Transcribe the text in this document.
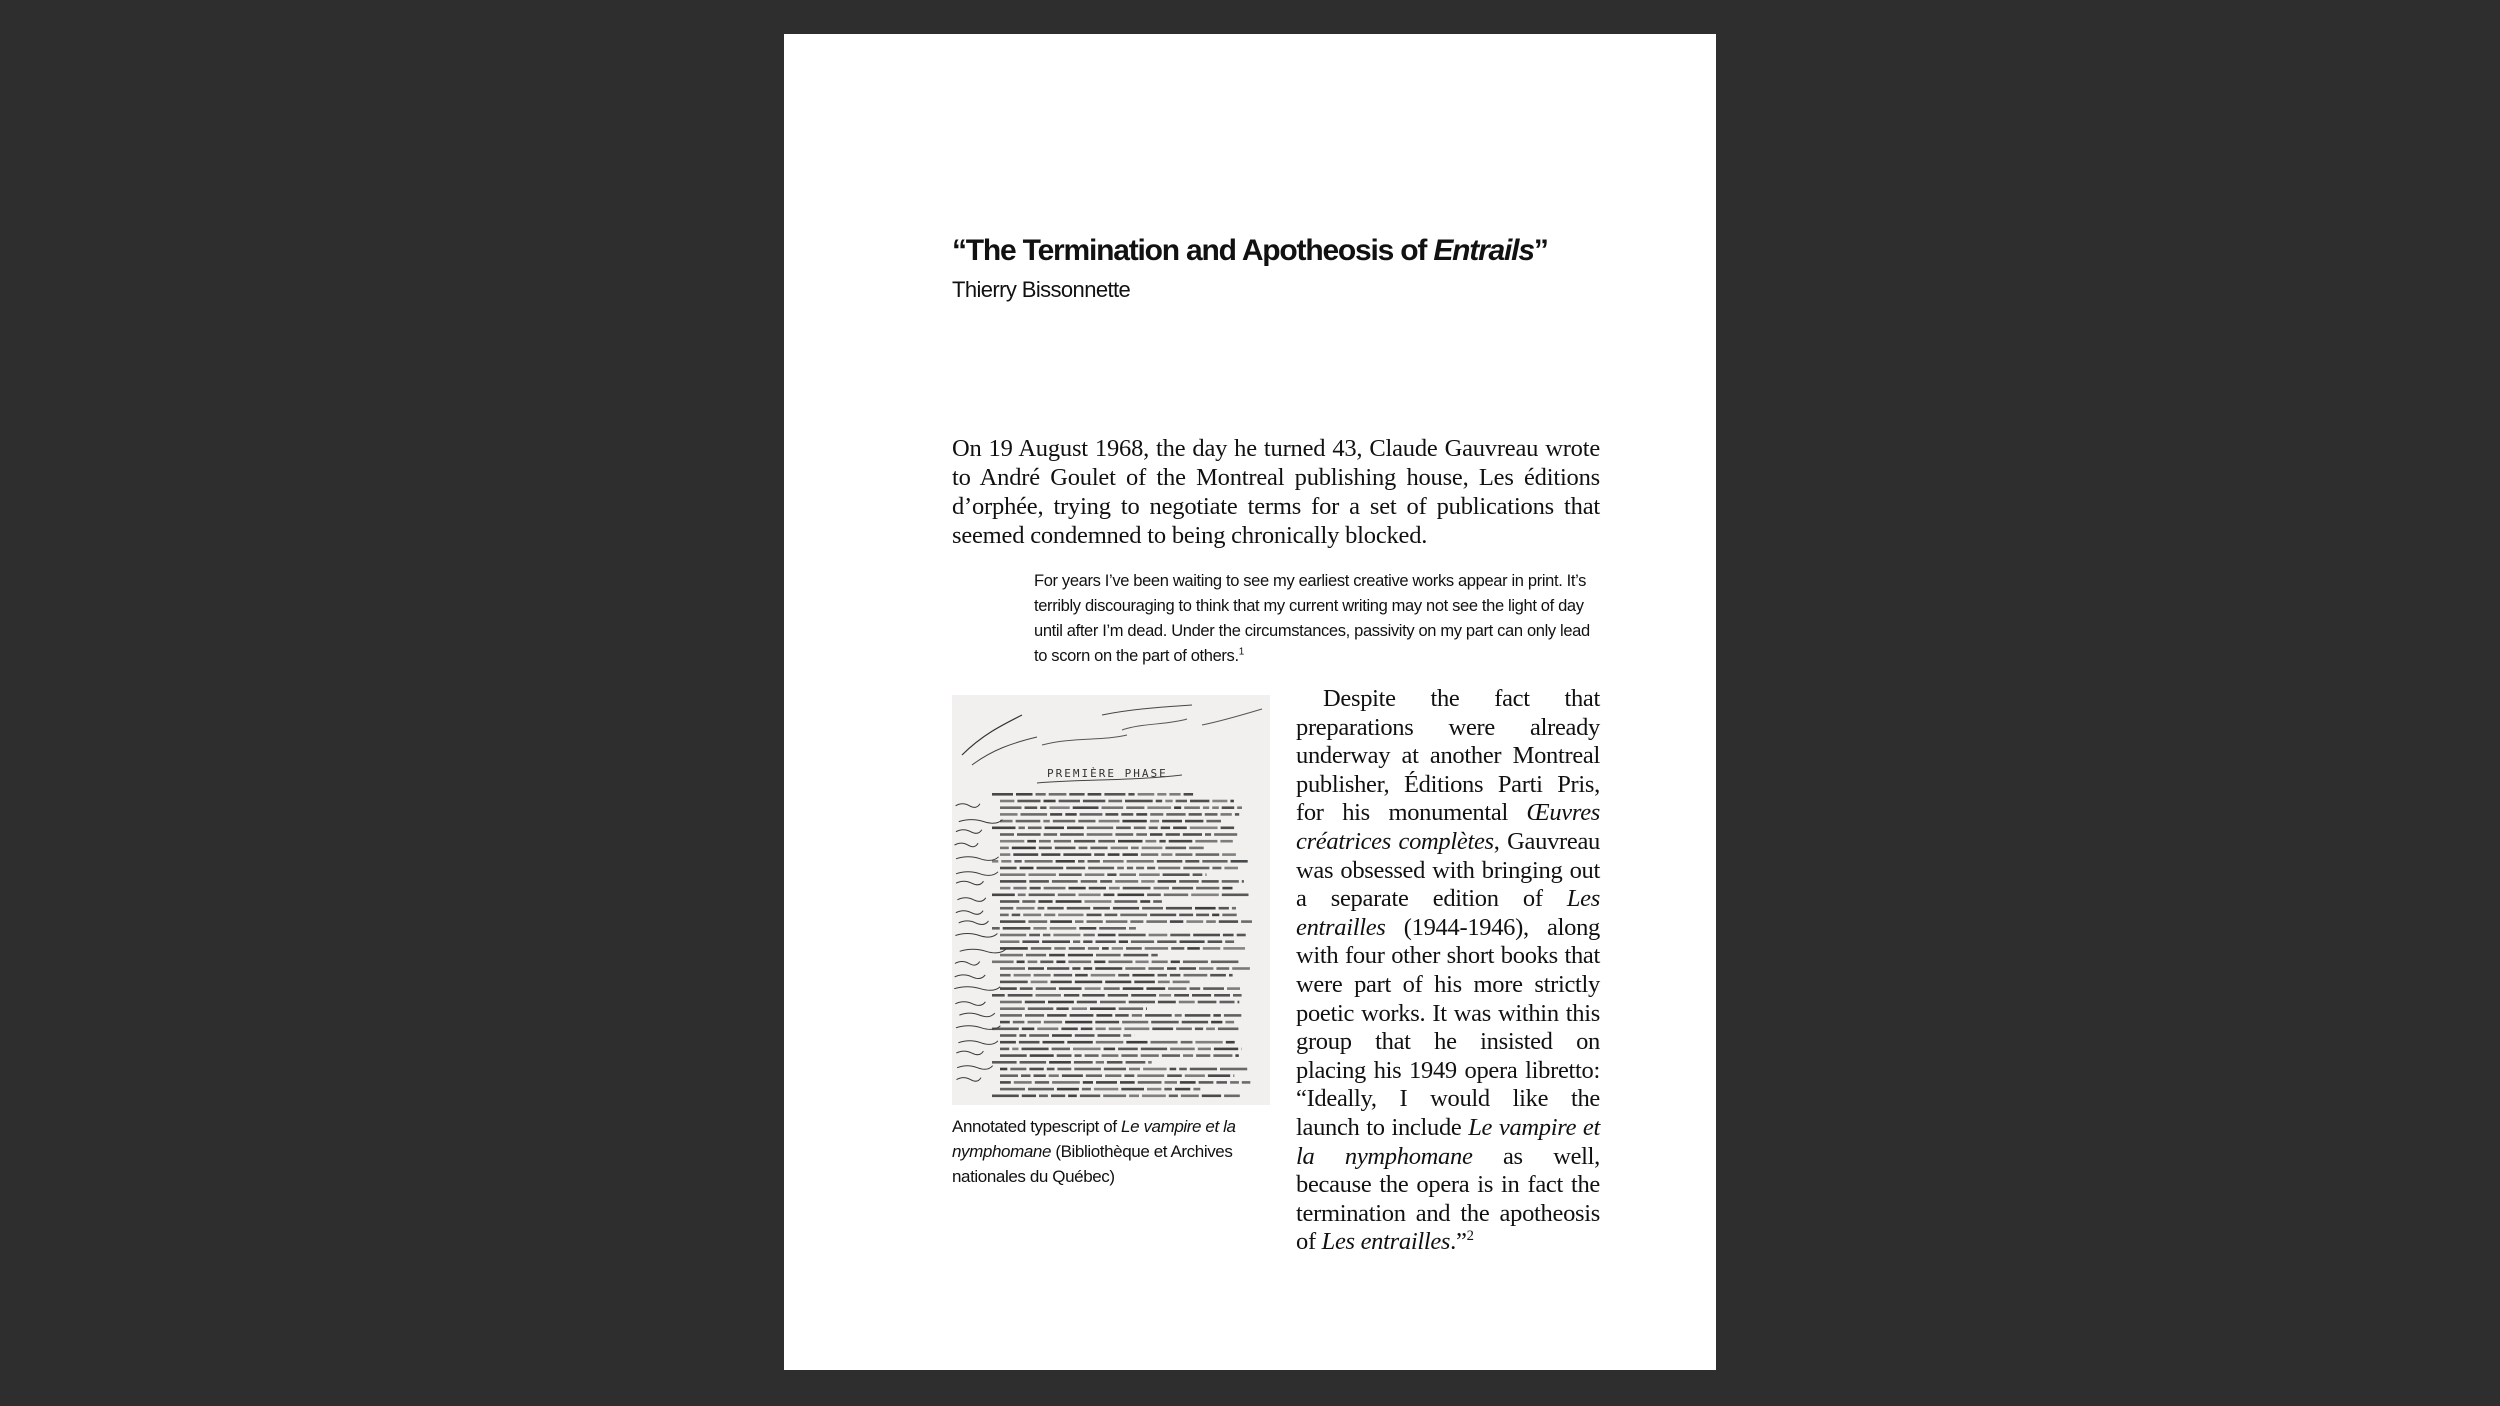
“The Termination and Apotheosis of Entrails”
Thierry Bissonnette

On 19 August 1968, the day he turned 43, Claude Gauvreau wrote to André Goulet of the Montreal publishing house, Les éditions d’orphée, trying to negotiate terms for a set of publications that seemed condemned to being chronically blocked.

For years I’ve been waiting to see my earliest creative works appear in print. It’s terribly discouraging to think that my current writing may not see the light of day until after I’m dead. Under the circumstances, passivity on my part can only lead to scorn on the part of others.$^1$

PREMIÈRE PHASE

Annotated typescript of Le vampire et la nymphomane (Bibliothèque et Archives nationales du Québec)

Despite the fact that preparations were already underway at another Montreal publisher, Éditions Parti Pris, for his monumental Œuvres créatrices complètes, Gauvreau was obsessed with bringing out a separate edition of Les entrailles (1944-1946), along with four other short books that were part of his more strictly poetic works. It was within this group that he insisted on placing his 1949 opera libretto: “Ideally, I would like the launch to include Le vampire et la nymphomane as well, because the opera is in fact the termination and the apotheosis of Les entrailles.”$^2$
